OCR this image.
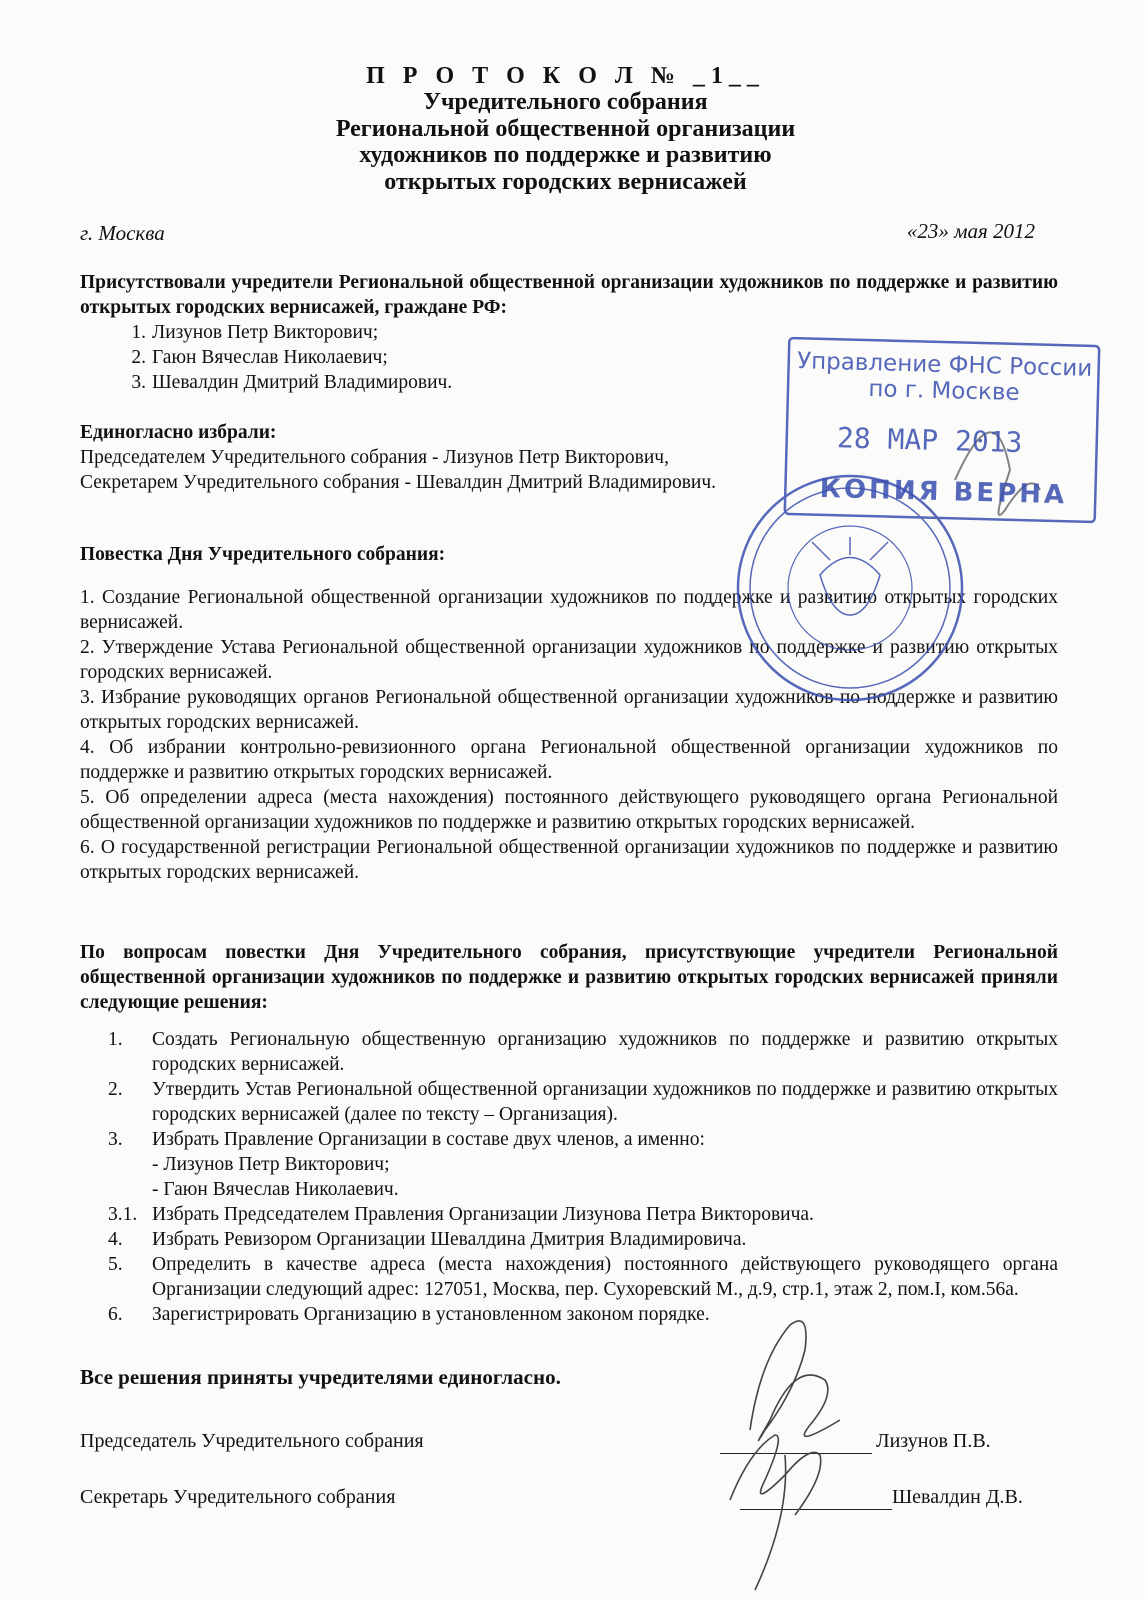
П Р О Т О К О Л № _1__
Учредительного собрания
Региональной общественной организации
художников по поддержке и развитию
открытых городских вернисажей
г. Москва	«23» мая 2012

Присутствовали учредители Региональной общественной организации художников по поддержке и развитию открытых городских вернисажей, граждане РФ:

1. Лизунов Петр Викторович;
2. Гаюн Вячеслав Николаевич;
3. Шевалдин Дмитрий Владимирович.

Единогласно избрали:

Председателем Учредительного собрания - Лизунов Петр Викторович,

Секретарем Учредительного собрания - Шевалдин Дмитрий Владимирович.

Повестка Дня Учредительного собрания:

1. Создание Региональной общественной организации художников по поддержке и развитию открытых городских вернисажей.

2. Утверждение Устава Региональной общественной организации художников по поддержке и развитию открытых городских вернисажей.

3. Избрание руководящих органов Региональной общественной организации художников по поддержке и развитию открытых городских вернисажей.

4. Об избрании контрольно-ревизионного органа Региональной общественной организации художников по поддержке и развитию открытых городских вернисажей.

5. Об определении адреса (места нахождения) постоянного действующего руководящего органа Региональной общественной организации художников по поддержке и развитию открытых городских вернисажей.

6. О государственной регистрации Региональной общественной организации художников по поддержке и развитию открытых городских вернисажей.

По вопросам повестки Дня Учредительного собрания, присутствующие учредители Региональной общественной организации художников по поддержке и развитию открытых городских вернисажей приняли следующие решения:

1.	Создать Региональную общественную организацию художников по поддержке и развитию открытых городских вернисажей.
2.	Утвердить Устав Региональной общественной организации художников по поддержке и развитию открытых городских вернисажей (далее по тексту – Организация).
3.	Избрать Правление Организации в составе двух членов, а именно:
- Лизунов Петр Викторович;
- Гаюн Вячеслав Николаевич.
3.1. Избрать Председателем Правления Организации Лизунова Петра Викторовича.
4.	Избрать Ревизором Организации Шевалдина Дмитрия Владимировича.
5.	Определить в качестве адреса (места нахождения) постоянного действующего руководящего органа Организации следующий адрес: 127051, Москва, пер. Сухоревский М., д.9, стр.1, этаж 2, пом.I, ком.56а.
6.	Зарегистрировать Организацию в установленном законом порядке.
Все решения приняты учредителями единогласно.
Председатель Учредительного собрания	Лизунов П.В.
Секретарь Учредительного собрания	Шевалдин Д.В.
Управление ФНС России
по г. Москве
28 МАР 2013
КОПИЯ ВЕРНА
